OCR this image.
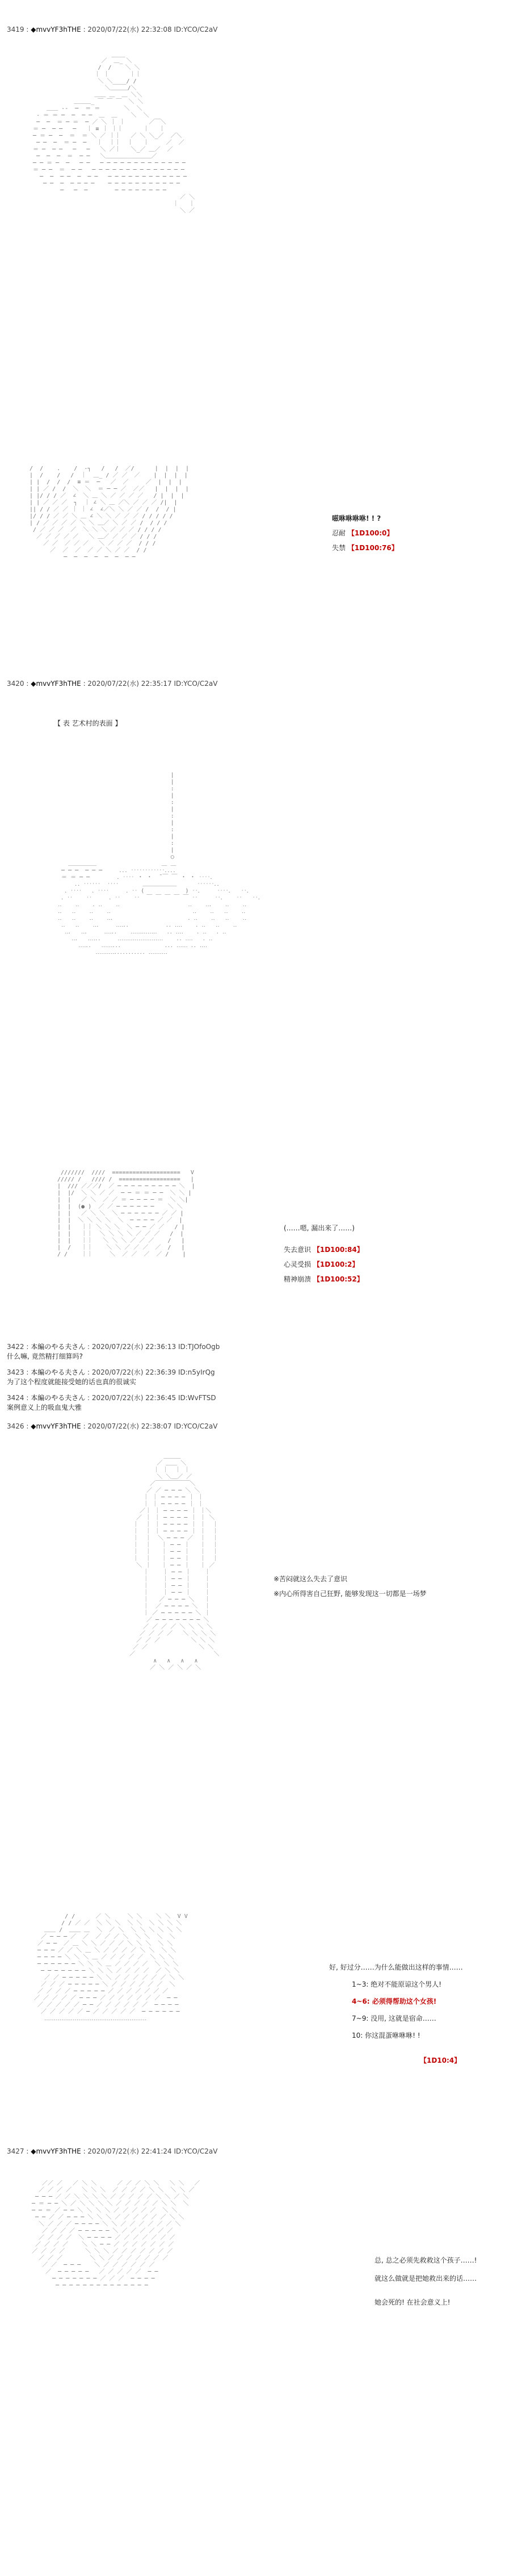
3419 : ◆mvvYF3hTHE : 2020/07/22(水) 22:32:08 ID:YCO/C2aV
____
／  ＿_ ＼
/  /    ＼ ＼
｜ ｜      ｜｜
＼ ＼____/ /
＼＿＿＿/＼
＿＿ ＿  ＿ ＼＼
＿＿＿_ ￣ ￣ ￣  ＼ ＼
＿＿ ‐‐  ─  ＝ ＝       ＼  ＼
‐ ＝ ＝ ─  ─  ─ ─  ＿  ＿    ＼  ＼
─  ─  ＝ ─ ＝  ─ ／ ＼ ｜ ｜       ／￣＼
＝ ─  ─ ─   ─   ｜ ≡ ｜ ｜｜      ｜   ｜
─ ＝ ─  ─  ＝  ＝ ＼ ／ ｜｜   ／ ＼ ＼_／  ／＼
─ ─  ─  ＝ ─  ─   ｜  ｜｜  ｜   ｜     ／  ／
＝ ─  ─ ─   ─   ─   ＼ ／｜   ＼_／ ＿／  ／
─  ─  ─  ＝  ─ ─   ＼＿＿＿＿＿＿＿＿／
─ ─ ＝ ─  ─   ─ ─   ─ ─ ─ ─ ─ ─ ─ ─ ─ ─ ─ ─ ─
＝ ─ ─  ＝  ─ ─   ─ ─ ─ ─ ─ ─ ─ ─ ─ ─ ─ ─ ─ ─
─  ─  ─ ─  ─  ─ ─   ─ ─ ─ ─ ─ ─ ─ ─ ─ ─ ─ ─
─ ─  ─  ─ ─ ─ ─    ─ ─ ─ ─ ─ ─ ─ ─ ─ ─ ─
─   ─  ─        ─ ─ ─ ─ ─ ─ ─ ─
／ ＼
｜   ｜
＼ ／

/  /    .    /  ‐┐   /   /  ／/      |  |  |  |
|  /    /   /  ｜  ＿_ / ／ ／  ／    |  |  |  |
| |  /  /  /  ≡ ＝  ─   ／  ／     ／  |  |  |
| | ／ /  /  ＼  ＼  ＝ ─ ─ ／  ／／   |  |  |  |
| |/ / / ／  ∠  ＼ ＿ ＼ ／ ／ ／ ／   / |  |  |
| | ／ ／ ／  ┐  ｜ ∠ ＼ ＿ ／＼ ／ ／ ／ /|  |
|| / / ／ ／ ｜ ｜ ∠  ∠／＼ ＼ ／ ／ /  /  / |
|/ / / ／ ／ ＼ ＿ ∠ ＼ ＼ ／ ／ ／ / / / / /
| / ／ ／ ／ ／ ＼ ＼ ＿／ ＼ ／ ／ /  / / /
/ ／ ／ ／  ／  ＼ ＼ ＼ ／ ／ ／ / / / /
／ ／ ／ ／ ／   ＼ ＿／ ／ ／ ／ / / /
／ ／  ／ ／ ／   ＼ ／ ／ ／  / / /
／  ／  ／  ／ ／ ＼ ／ ／  / /
─  ─  ─  ─  ─  ─  ─ ─

嗞咻咻咻咻! ! ?
忍耐 【1D100:0】
失禁 【1D100:76】
3420 : ◆mvvYF3hTHE : 2020/07/22(水) 22:35:17 ID:YCO/C2aV
【 表 艺术村的表面 】
|
|
:
|
:
|
:
|
:
|
:
|
○
＿＿＿＿＿                   ＿ ＿
─ ─ ─  ─ ─ ─     ．．．‥‥‥‥‥‥．．．．
＝ ＝ ─ ─        ．‥‥ ・ ・  ̄ ￣ ￣ ・ ・ ‥‥．
．．‥‥‥  ‥‥       ＿＿＿＿＿＿      ‥‥‥．．
．‥‥   ．‥‥     ．‥ (            ) ‥．    ‥‥．  ‥．
．‥    ‥     ．‥    ‥  ￣ ￣ ￣ ￣ ￣ ‥     ‥．   ‥   ‥．
‥    ‥    ．‥    ‥                    ‥    ‥．   ‥    ‥
‥   ‥    ‥    ‥                        ‥    ‥   ‥    ‥
‥   ‥    ‥    ‥．                     ．‥    ‥   ‥    ‥
‥   ‥    ‥．    ‥‥．．          ．．‥‥    ．‥   ‥    ‥
‥．  ‥．    ‥‥．．   ‥‥‥‥‥‥‥   ．．‥‥    ．‥   ．‥
‥．  ‥‥．．    ‥‥‥‥‥‥‥‥‥‥‥‥    ．．‥‥   ．‥
‥‥．．  ‥‥‥．．．            ．．．‥‥‥ ．．‥‥
‥‥‥‥‥．．．．．．．．．．．‥‥‥‥‥

///////  ////  ====================   V
///// /   //// /  ==================   |
|  /// ／／／/  ／ ─ ─ ─ ─ ─ ─ ─ ─ ─ ＼  |
|  |/  ＼ ＼ ／ ／  ─ ─ ＝ ＝ ─ ─  ＼ ＼ |
|  |   ／ ＼  ／ ／ ＝ ─ ─ ─ ─ ＝  ＼ ＼|
|  |  (● )  ／ ／ ─ ─ ─ ─ ─ ─    ＼ ＼
|  |   ／ ＼ ＼  ＼ ─ ─ ─ ─ ─ ─ ／ ／ |
|  |  ＼ ＼ ＼ ＼  ＼  ─ ─ ─ ─ ／ ／  |
|  |   ｜｜ ＼ ＼ ＼  ＼ ─ ─ ／ ／   / |
|  |   ｜｜  ＼ ＼ ＼ ＼ ／ ／ ／   /  |
|  |   ｜｜   ＼ ＼ ＼ ／ ／ ／    /   |
|  /   ｜｜    ＼ ＼ ／ ／ ／  ／  /   |
/ /    ｜｜     ＼  ／ ／  ／  ／ /    |

(……嗯, 漏出来了……)
失去意识 【1D100:84】
心灵受损 【1D100:2】
精神崩溃 【1D100:52】
3422 : 本編のやる夫さん : 2020/07/22(水) 22:36:13 ID:TJOfoOgb
什么嘛, 竟然精打细算吗?
3423 : 本編のやる夫さん : 2020/07/22(水) 22:36:39 ID:n5yIrQg
为了这个程度就能接受她的话也真的很诚实
3424 : 本編のやる夫さん : 2020/07/22(水) 22:36:45 ID:WvFTSD
案例意义上的吸血鬼大雅
3426 : ◆mvvYF3hTHE : 2020/07/22(水) 22:38:07 ID:YCO/C2aV
＿＿＿
／ ＿＿ ＼
｜ ｜  ｜ ｜
＼ ＼＿／ ／
／￣￣￣￣￣￣＼
／ ／ ─ ─ ─ ＼ ＼
｜ ｜ ─ ─ ─ ─ ｜ ｜
｜ ｜ ─ ─ ─ ─ ｜ ｜
／｜ ｜ ─ ─ ─ ─ ｜ ｜＼
／ ｜ ｜ ─ ─ ─ ─ ｜ ｜ ＼
｜  ｜ ｜ ─ ─ ─ ─ ｜ ｜  ｜
｜  ｜ ｜ ─ ─ ─ ─ ｜ ｜  ｜
｜  ｜  ＼ ─ ─ ─ ／  ｜  ｜
｜  ｜   ｜ ─ ─ ｜   ｜  ｜
｜  ｜   ｜ ─ ─ ｜   ｜  ｜
｜  ｜   ｜ ─ ─ ｜   ｜  ｜
＼ ｜   ｜ ─ ─ ｜   ｜ ／
｜    ｜ ─ ─ ｜    ｜
｜    ｜ ─ ─ ｜    ｜
｜    ｜ ─ ─ ｜    ｜
｜    ｜ ─ ─ ｜    ｜
｜   ／ ─ ─ ─ ＼   ｜
｜  ／ ─ ─ ─ ─ ＼  ｜
｜ ／ ─ ─ ─ ─ ─ ＼ ｜
／ ─ ─ ─ ─ ─ ─ ─ ＼
／ ／ ／ ／ ＼ ＼ ＼ ＼
／ ／ ／ ／   ＼ ＼ ＼ ＼
／ ／ ／         ＼ ＼ ＼
／ ／               ＼ ＼
／                       ＼
∧   ∧   ∧   ∧
／ ＼ ／ ＼ ／ ＼

※苦闷就这么失去了意识
※内心所得害自己狂野, 能够发现这一切都是一场梦
/ /      ／ ＼     ＼ ＼    ＼ ＼  V V
/ / ／ ／  ＼ ＼ ＼  ＼ ＼  ＼ ＼ ＼ ＼
＿＿ /  ＿＿ ＿  ＼  ／ ＼  ＼ ＼ ＼ ＼ ＼ ＼
／ ─ ─ ─ ／  ／  ／ ／ ／ ＼  ＼ ＼  ＼  ＼
／ ─ ─  ／ ＿ ＼ ＼ ／ ／ ／ ＼ ＼ ＼  ＼ ＼
─ ─ ─ ／ ／ ＼ ＿ ＼ ／ ／ ／ ／ ＼ ＼  ＼ ＼
─ ─ ─ ─ ＼ ＼ ＼ ＿ ／ ／ ／ ／ ／  ＼ ＼ ＼
─ ─ ─ ─ ─ ─ ＼ ＼ ＼ ＿ ／ ／ ／ ／  ＼ ＼ ＼
─ ─ ─ ─ ─ ─ ─ ＼ ＼ ＼ ／ ／ ／ ／  ／ ＼ ＼
／ ／ ─ ─ ─ ─ ─ ＼ ＼ ／ ／ ／ ／ ／ ／ ＼ ＼
／ ／ ／ ─ ─ ─ ─ ─ ＼ ／ ／ ／ ／ ／ ／  ＼
／ ／ ／ ／ ─ ─ ─ ─ ─ ／ ／ ／ ／ ／ ／ ／
／ ／ ／ ／ ／ ─ ─ ─ ／ ／ ／ ／ ／ ／ ／  ─ ─
／ ／ ／ ／ ／ ─ ─ ／ ／ ／ ／ ／ ／  ─ ─ ─ ─
／ ／ ／ ／ ／ ─ ／ ／ ／ ／ ／  ─ ─ ─ ─ ─ ─
‥‥‥‥‥‥‥‥‥‥‥‥‥‥‥‥‥‥‥‥‥‥‥‥‥‥‥

好, 好过分……为什么能做出这样的事情……
1~3: 绝对不能原谅这个男人!
4~6: 必须得帮助这个女孩!
7~9: 没用, 这就是宿命……
10: 你这混蛋咻咻咻! !
【1D10:4】
3427 : ◆mvvYF3hTHE : 2020/07/22(水) 22:41:24 ID:YCO/C2aV
／／ ／   ／ ＼ ＼      ／ ／ ／ ＼ ＼   ＼ ＼   ／
／ ／ ／ ／   ＼ ＼ ＼  ／ ／ ／ ／ ＼ ＼  ＼ ＼ ／
─ ─ ─ ／ ／ ＼ ＼ ＼ ＼ ／ ／ ／ ／ ／ ＼ ＼ ／ ＼
─ ＝ ─ ─ ＼ ／ ＼ ＼ ＼ ＼ ／ ／ ／ ／ ／ ＼ ＼  ＼
─ ─ ＝ ／ ─ ─ ＼ ＼ ＼ ＼ ／ ／ ／ ／ ／  ＼ ＼
─ ─ ／ ／ ─ ─ ─ ＼ ＼ ＼ ／ ／ ／ ／ ／ ／ ＼ ＼
＼ ／ ／ ／ ─ ─ ─ ─ ＼ ＼ ／ ／ ／ ／ ／ ／ ＼
／ ／ ／ ／ ─ ─ ─ ─ ─ ＼ ／ ／ ／ ／ ／ ／
／ ／ ／ ／  ＼ ─ ─ ─ ─ ／ ／ ／ ／ ／ ／ ／
／ ／ ／ ／    ＼ ＼ ─ ─ ／ ／ ／ ／ ／ ／ ／
／ ／ ／ ／      ＼ ＼ ＼ ／ ／ ／ ／ ／ ／ ／
／ ／ ／        ＼ ＼ ／ ／ ／ ／ ／ ／ ／
／ ／  ─ ─ ─    ＼ ／ ／ ／ ／ ／ ／
／  ─ ─ ─ ─ ─   ／ ／ ／ ／ ／  ─ ─
─ ─ ─ ─ ─ ─ ─ ／ ／ ／  ─ ─ ─ ─
─ ─ ─ ─ ─ ─ ─ ─ ─ ─ ─ ─ ─ ─

总, 总之必须先救救这个孩子……!
就这么做就是把她救出来的话……
她会死的! 在社会意义上!
